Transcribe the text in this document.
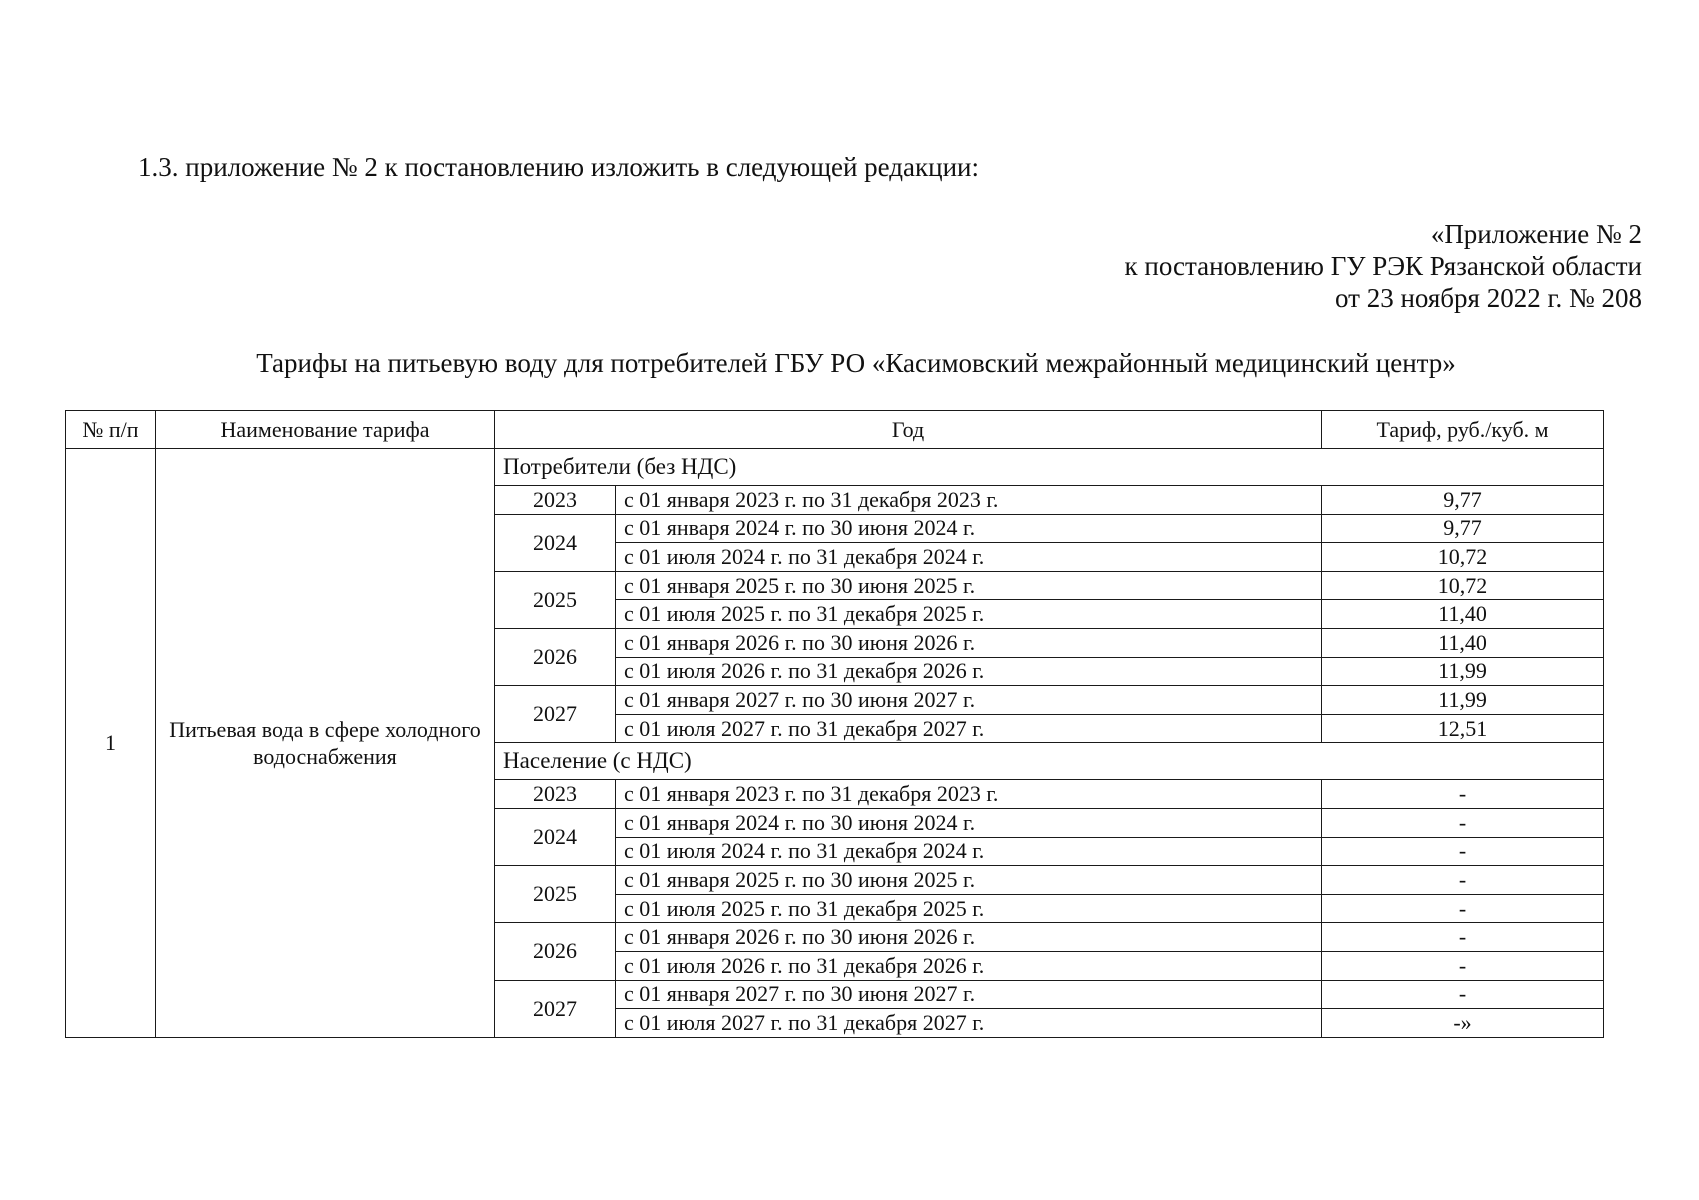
1.3. приложение № 2 к постановлению изложить в следующей редакции:
«Приложение № 2
к постановлению ГУ РЭК Рязанской области
от 23 ноября 2022 г. № 208
Тарифы на питьевую воду для потребителей ГБУ РО «Касимовский межрайонный медицинский центр»
№ п/п	Наименование тарифа	Год		Тариф, руб./куб. м
1	Питьевая вода в сфере холодного водоснабжения	Потребители (без НДС)		
		2023	с 01 января 2023 г. по 31 декабря 2023 г.	9,77
		2024	с 01 января 2024 г. по 30 июня 2024 г.	9,77
			с 01 июля 2024 г. по 31 декабря 2024 г.	10,72
		2025	с 01 января 2025 г. по 30 июня 2025 г.	10,72
			с 01 июля 2025 г. по 31 декабря 2025 г.	11,40
		2026	с 01 января 2026 г. по 30 июня 2026 г.	11,40
			с 01 июля 2026 г. по 31 декабря 2026 г.	11,99
		2027	с 01 января 2027 г. по 30 июня 2027 г.	11,99
			с 01 июля 2027 г. по 31 декабря 2027 г.	12,51
		Население (с НДС)		
		2023	с 01 января 2023 г. по 31 декабря 2023 г.	-
		2024	с 01 января 2024 г. по 30 июня 2024 г.	-
			с 01 июля 2024 г. по 31 декабря 2024 г.	-
		2025	с 01 января 2025 г. по 30 июня 2025 г.	-
			с 01 июля 2025 г. по 31 декабря 2025 г.	-
		2026	с 01 января 2026 г. по 30 июня 2026 г.	-
			с 01 июля 2026 г. по 31 декабря 2026 г.	-
		2027	с 01 января 2027 г. по 30 июня 2027 г.	-
			с 01 июля 2027 г. по 31 декабря 2027 г.	-»
